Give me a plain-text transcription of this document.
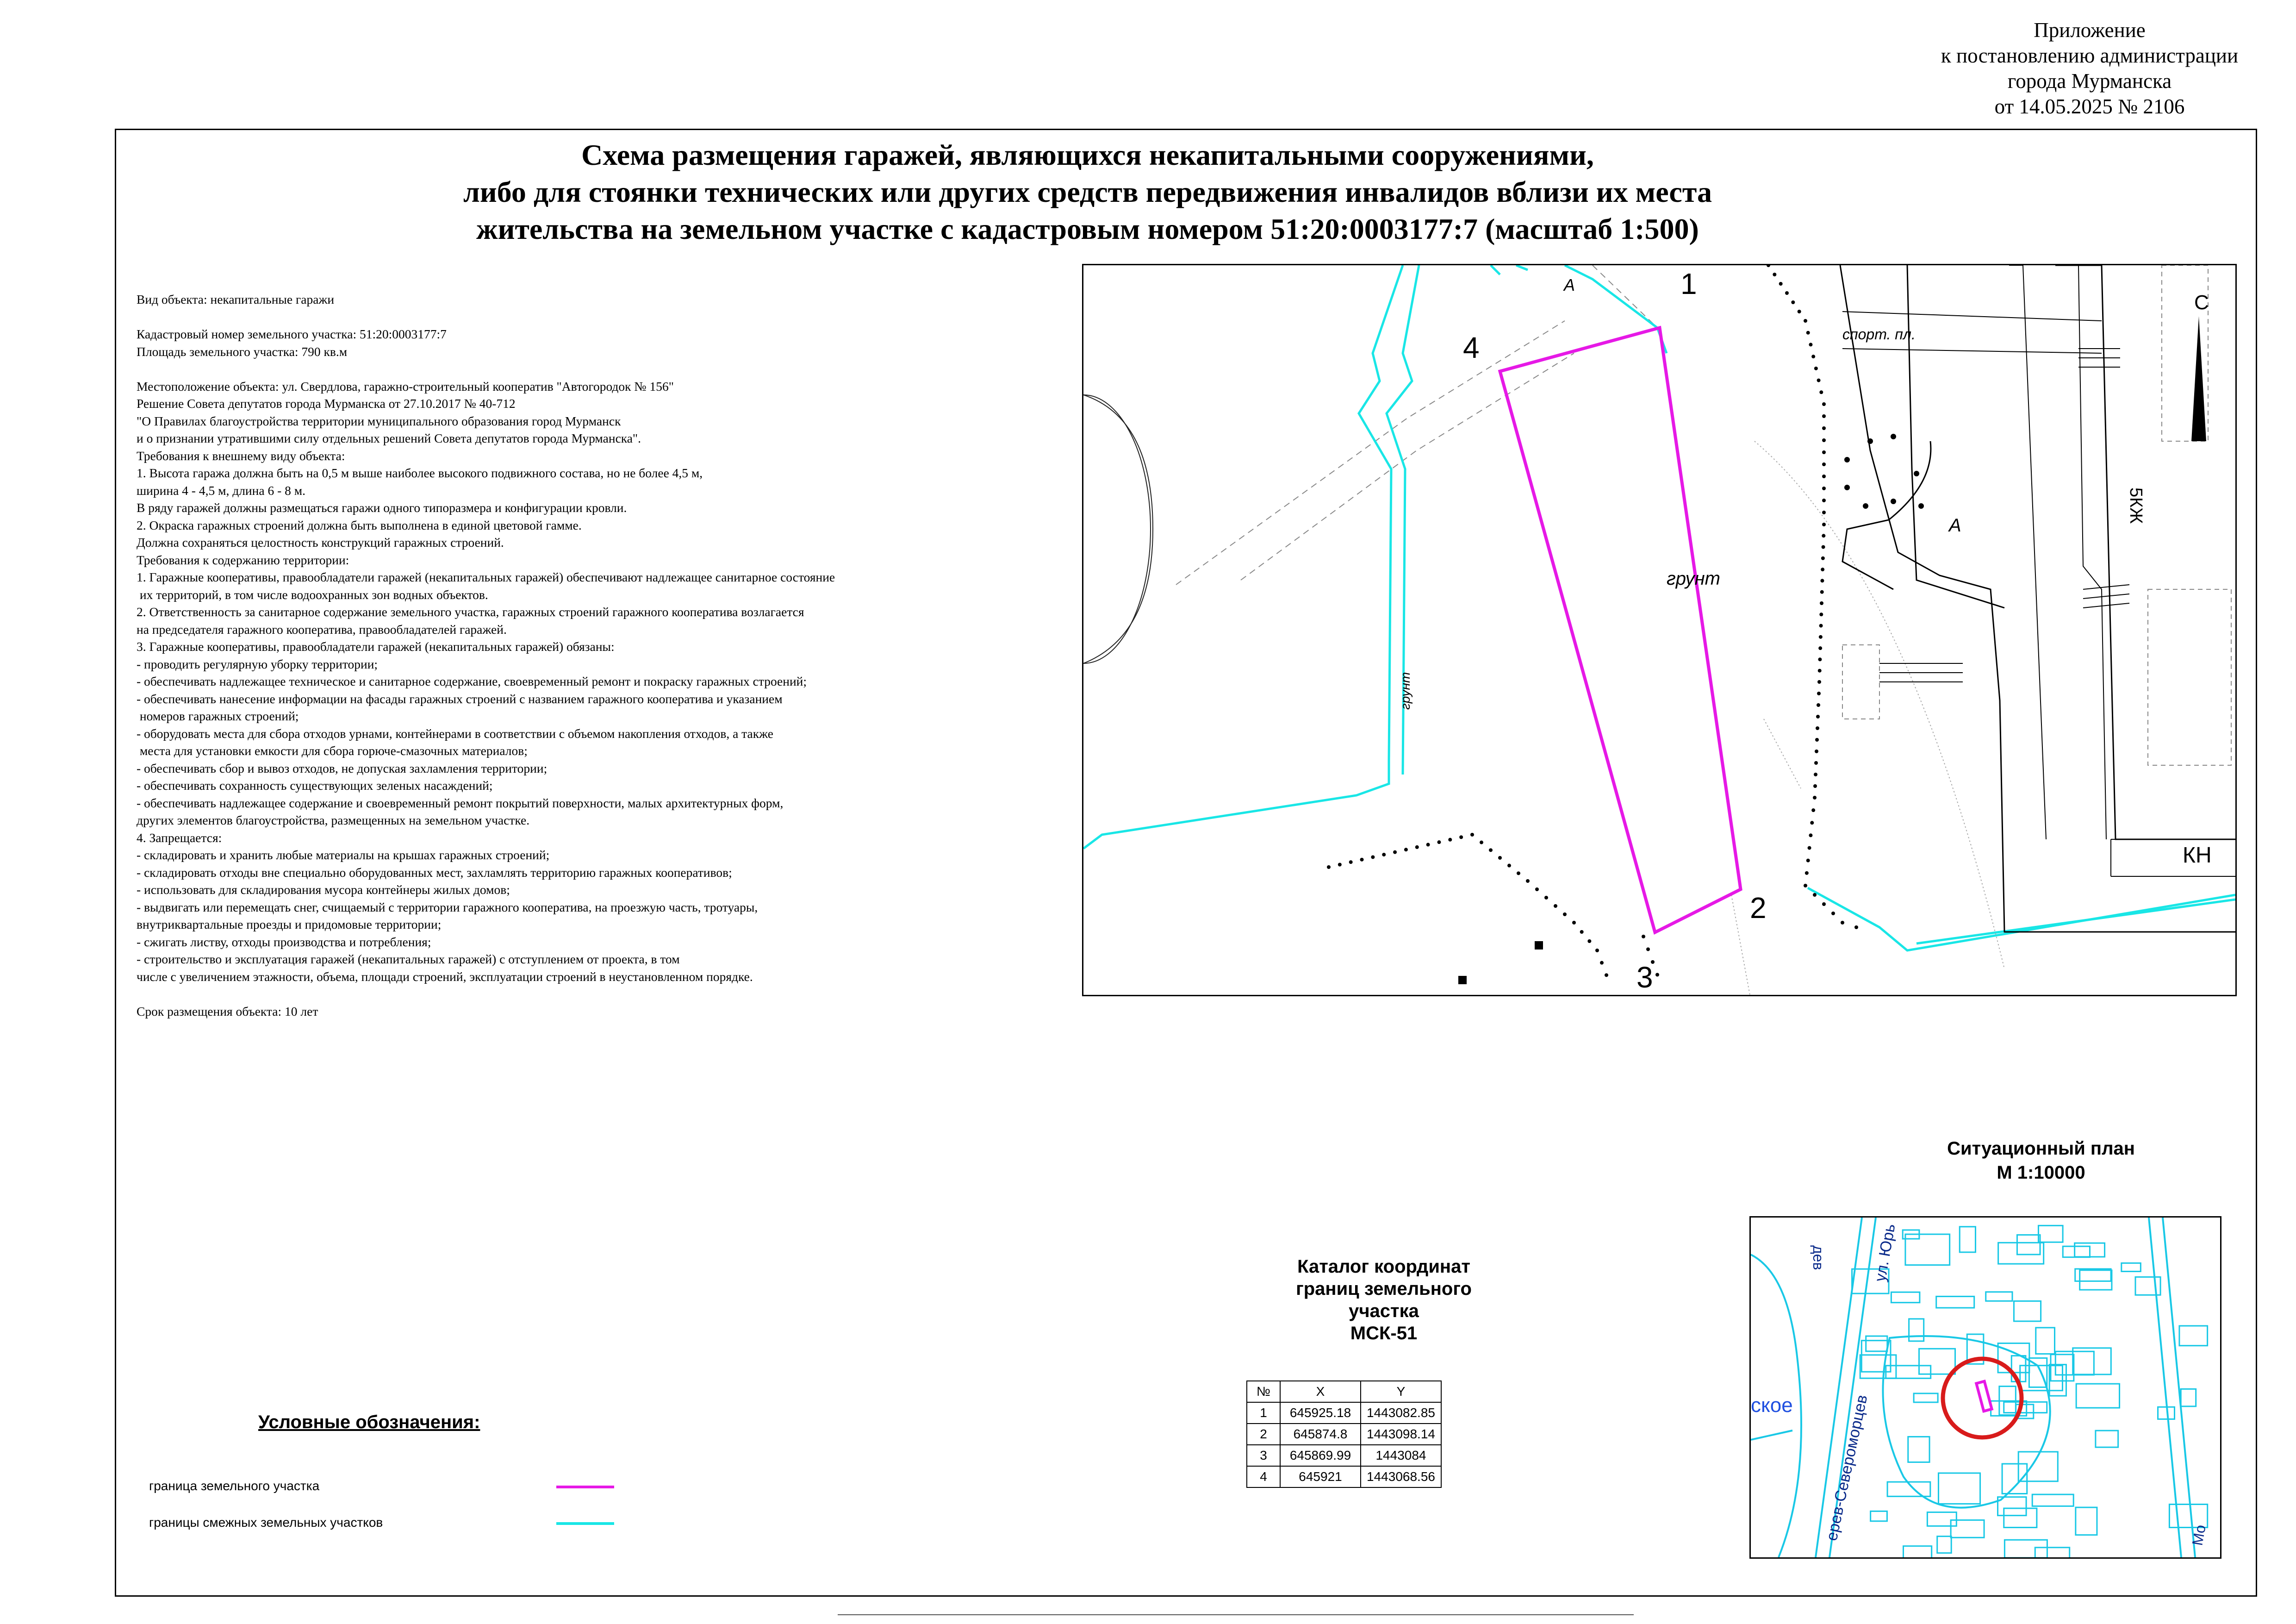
Приложение
к постановлению администрации
города Мурманска
от 14.05.2025 № 2106
Схема размещения гаражей, являющихся некапитальными сооружениями,
либо для стоянки технических или других средств передвижения инвалидов вблизи их места
жительства на земельном участке с кадастровым номером 51:20:0003177:7 (масштаб 1:500)
Вид объекта: некапитальные гаражи
Кадастровый номер земельного участка: 51:20:0003177:7
Площадь земельного участка: 790 кв.м
Местоположение объекта: ул. Свердлова, гаражно-строительный кооператив "Автогородок № 156"
Решение Совета депутатов города Мурманска от 27.10.2017 № 40-712
"О Правилах благоустройства территории муниципального образования город Мурманск
и о признании утратившими силу отдельных решений Совета депутатов города Мурманска".
Требования к внешнему виду объекта:
1. Высота гаража должна быть на 0,5 м выше наиболее высокого подвижного состава, но не более 4,5 м,
ширина 4 - 4,5 м, длина 6 - 8 м.
В ряду гаражей должны размещаться гаражи одного типоразмера и конфигурации кровли.
2. Окраска гаражных строений должна быть выполнена в единой цветовой гамме.
Должна сохраняться целостность конструкций гаражных строений.
Требования к содержанию территории:
1. Гаражные кооперативы, правообладатели гаражей (некапитальных гаражей) обеспечивают надлежащее санитарное состояние
их территорий, в том числе водоохранных зон водных объектов.
2. Ответственность за санитарное содержание земельного участка, гаражных строений гаражного кооператива возлагается
на председателя гаражного кооператива, правообладателей гаражей.
3. Гаражные кооперативы, правообладатели гаражей (некапитальных гаражей) обязаны:
- проводить регулярную уборку территории;
- обеспечивать надлежащее техническое и санитарное содержание, своевременный ремонт и покраску гаражных строений;
- обеспечивать нанесение информации на фасады гаражных строений с названием гаражного кооператива и указанием
номеров гаражных строений;
- оборудовать места для сбора отходов урнами, контейнерами в соответствии с объемом накопления отходов, а также
места для установки емкости для сбора горюче-смазочных материалов;
- обеспечивать сбор и вывоз отходов, не допуская захламления территории;
- обеспечивать сохранность существующих зеленых насаждений;
- обеспечивать надлежащее содержание и своевременный ремонт покрытий поверхности, малых архитектурных форм,
других элементов благоустройства, размещенных на земельном участке.
4. Запрещается:
- складировать и хранить любые материалы на крышах гаражных строений;
- складировать отходы вне специально оборудованных мест, захламлять территорию гаражных кооперативов;
- использовать для складирования мусора контейнеры жилых домов;
- выдвигать или перемещать снег, счищаемый с территории гаражного кооператива, на проезжую часть, тротуары,
внутриквартальные проезды и придомовые территории;
- сжигать листву, отходы производства и потребления;
- строительство и эксплуатация гаражей (некапитальных гаражей) с отступлением от проекта, в том
числе с увеличением этажности, объема, площади строений, эксплуатации строений в неустановленном порядке.
Срок размещения объекта: 10 лет
С
1
2
3
4
грунт
грунт
спорт. пл.
А
А
5КЖ
КН
Ситуационный план
М 1:10000
ерев-Североморцев
ул. Юрь
дев
ское
Мо
Каталог координат
границ земельного
участка
МСК-51
№	X	Y
1	645925.18	1443082.85
2	645874.8	1443098.14
3	645869.99	1443084
4	645921	1443068.56
Условные обозначения:
граница земельного участка
границы смежных земельных участков
